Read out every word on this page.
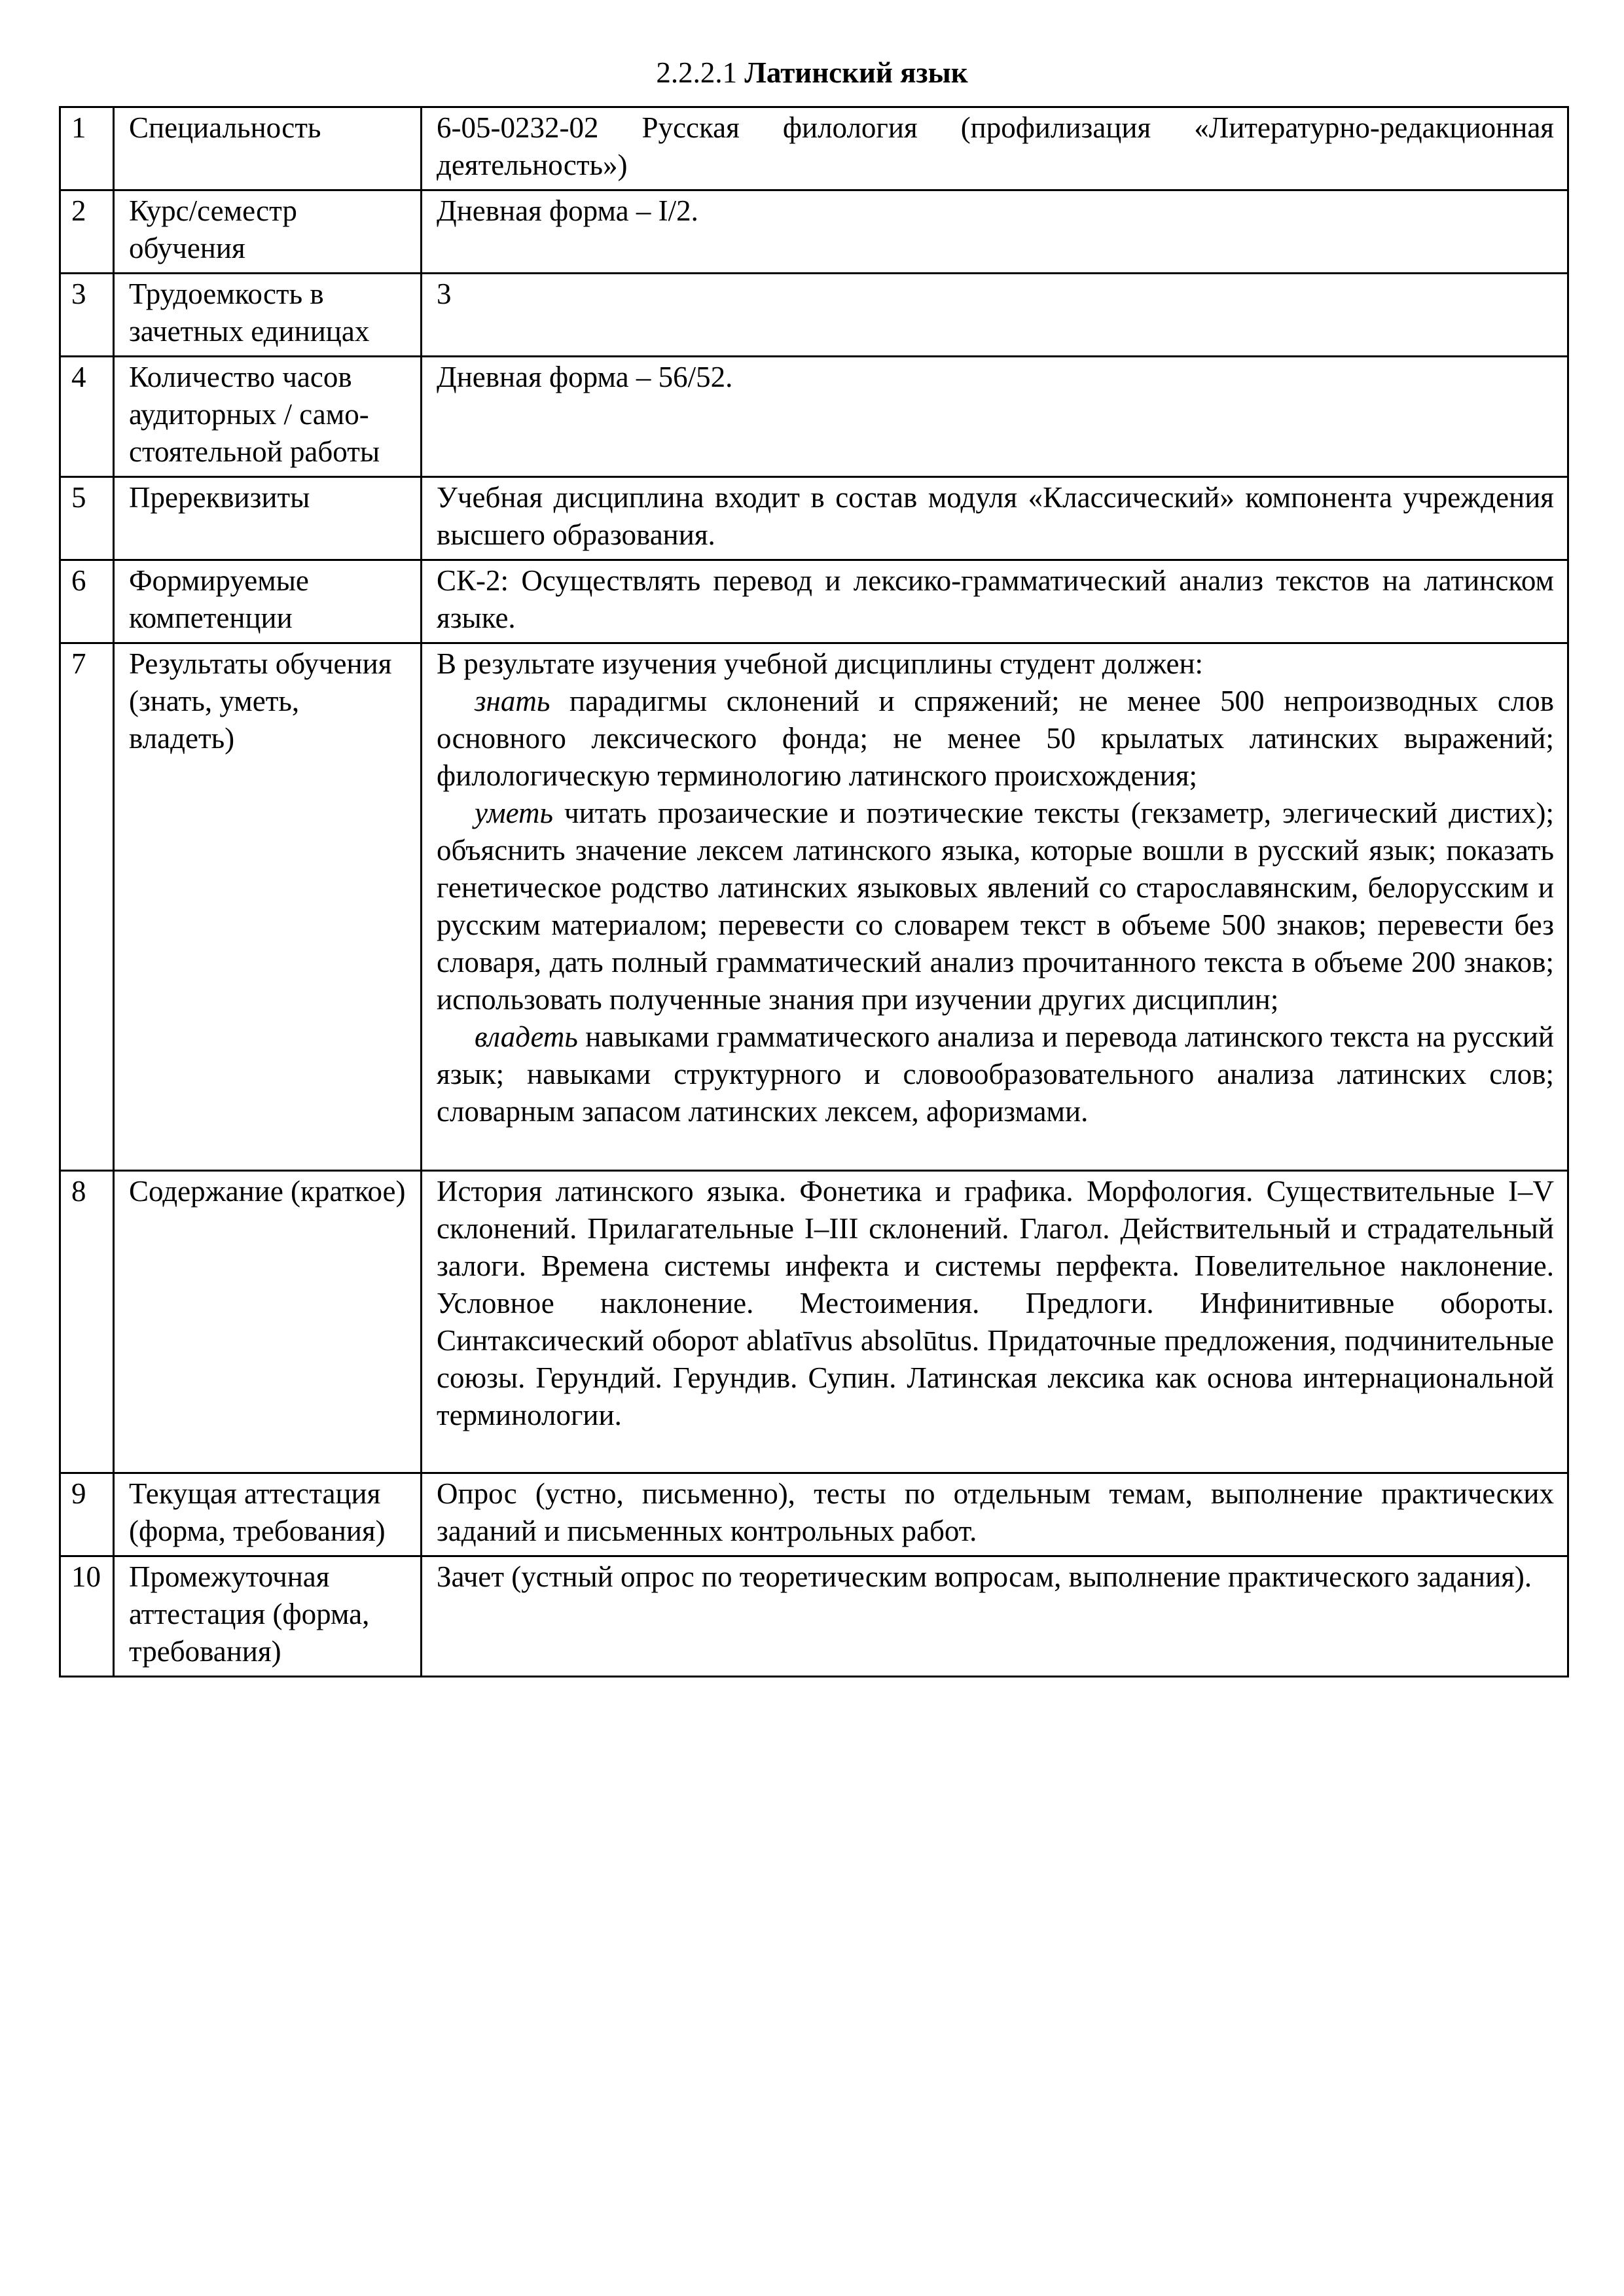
2.2.2.1 Латинский язык
1	Специальность	6-05-0232-02 Русская филология (профилизация «Литературно-редакционная деятельность»)
2	Курс/семестр обучения	Дневная форма – I/2.
3	Трудоемкость в зачетных единицах	3
4	Количество часов аудиторных / само-стоятельной работы	Дневная форма – 56/52.
5	Пререквизиты	Учебная дисциплина входит в состав модуля «Классический» компонента учреждения высшего образования.
6	Формируемые компетенции	СК-2: Осуществлять перевод и лексико-грамматический анализ текстов на латинском языке.
7	Результаты обучения (знать, уметь, владеть)	В результате изучения учебной дисциплины студент должен:

знать парадигмы склонений и спряжений; не менее 500 непроизводных слов основного лексического фонда; не менее 50 крылатых латинских выражений; филологическую терминологию латинского происхождения;

уметь читать прозаические и поэтические тексты (гекзаметр, элегический дистих); объяснить значение лексем латинского языка, которые вошли в русский язык; показать генетическое родство латинских языковых явлений со старославянским, белорусским и русским материалом; перевести со словарем текст в объеме 500 знаков; перевести без словаря, дать полный грамматический анализ прочитанного текста в объеме 200 знаков; использовать полученные знания при изучении других дисциплин;

владеть навыками грамматического анализа и перевода латинского текста на русский язык; навыками структурного и словообразовательного анализа латинских слов; словарным запасом латинских лексем, афоризмами.

8	Содержание (краткое)	История латинского языка. Фонетика и графика. Морфология. Существительные I–V склонений. Прилагательные I–III склонений. Глагол. Действительный и страдательный залоги. Времена системы инфекта и системы перфекта. Повелительное наклонение. Условное наклонение. Местоимения. Предлоги. Инфинитивные обороты. Синтаксический оборот ablatīvus absolūtus. Придаточные предложения, подчинительные союзы. Герундий. Герундив. Супин. Латинская лексика как основа интернациональной терминологии.
9	Текущая аттестация (форма, требования)	Опрос (устно, письменно), тесты по отдельным темам, выполнение практических заданий и письменных контрольных работ.
10	Промежуточная аттестация (форма, требования)	Зачет (устный опрос по теоретическим вопросам, выполнение практического задания).
